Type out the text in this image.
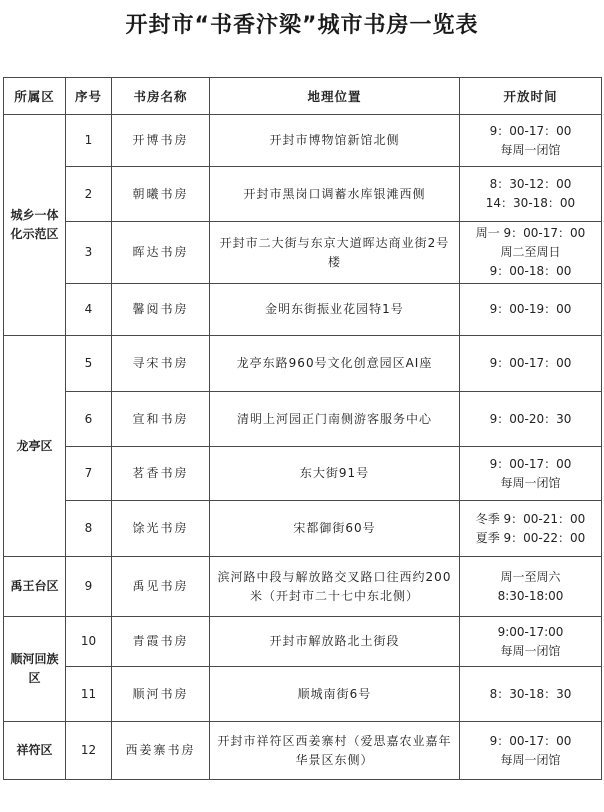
开封市“书香汴梁”城市书房一览表
所属区	序号	书房名称	地理位置	开放时间
城乡一体化示范区	1	开博书房	开封市博物馆新馆北侧	9：00-17：00
每周一闭馆

	2	朝曦书房	开封市黑岗口调蓄水库银滩西侧	8：30-12：00
14：30-18：00

	3	晖达书房	开封市二大街与东京大道晖达商业街2号楼	周一 9：00-17：00
周二至周日
9：00-18：00

	4	馨阅书房	金明东街振业花园特1号	9：00-19：00

龙亭区	5	寻宋书房	龙亭东路960号文化创意园区AI座	9：00-17：00

	6	宣和书房	清明上河园正门南侧游客服务中心	9：00-20：30

	7	茗香书房	东大街91号	9：00-17：00
每周一闭馆

	8	馀光书房	宋都御街60号	冬季 9：00-21：00
夏季 9：00-22：00

禹王台区	9	禹见书房	滨河路中段与解放路交叉路口往西约200米（开封市二十七中东北侧）	周一至周六
8:30-18:00

顺河回族区	10	青霞书房	开封市解放路北土街段	9:00-17:00
每周一闭馆

	11	顺河书房	顺城南街6号	8：30-18：30

祥符区	12	西姜寨书房	开封市祥符区西姜寨村（爱思嘉农业嘉年华景区东侧）	9：00-17：00
每周一闭馆
